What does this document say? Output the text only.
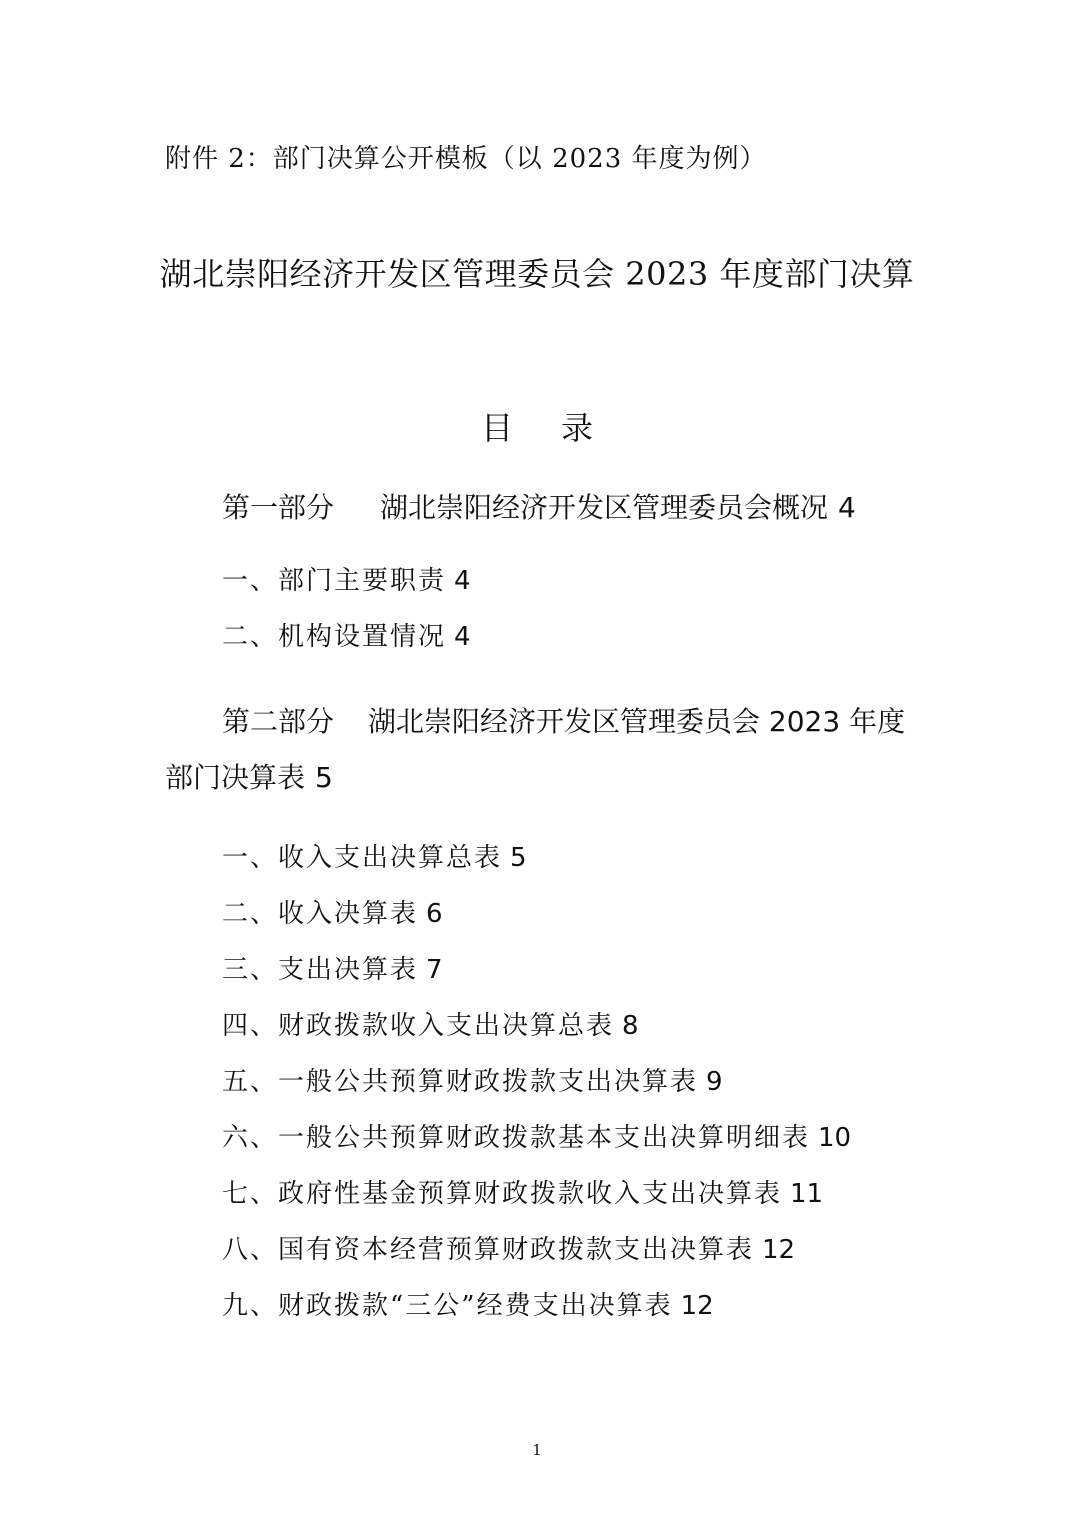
附件 2：部门决算公开模板（以 2023 年度为例）

湖北崇阳经济开发区管理委员会 2023 年度部门决算
目录
第一部分 湖北崇阳经济开发区管理委员会概况 4
一、部门主要职责 4
二、机构设置情况 4
第二部分 湖北崇阳经济开发区管理委员会 2023 年度
部门决算表 5
一、收入支出决算总表 5
二、收入决算表 6
三、支出决算表 7
四、财政拨款收入支出决算总表 8
五、一般公共预算财政拨款支出决算表 9
六、一般公共预算财政拨款基本支出决算明细表 10
七、政府性基金预算财政拨款收入支出决算表 11
八、国有资本经营预算财政拨款支出决算表 12
九、财政拨款“三公”经费支出决算表 12
1
